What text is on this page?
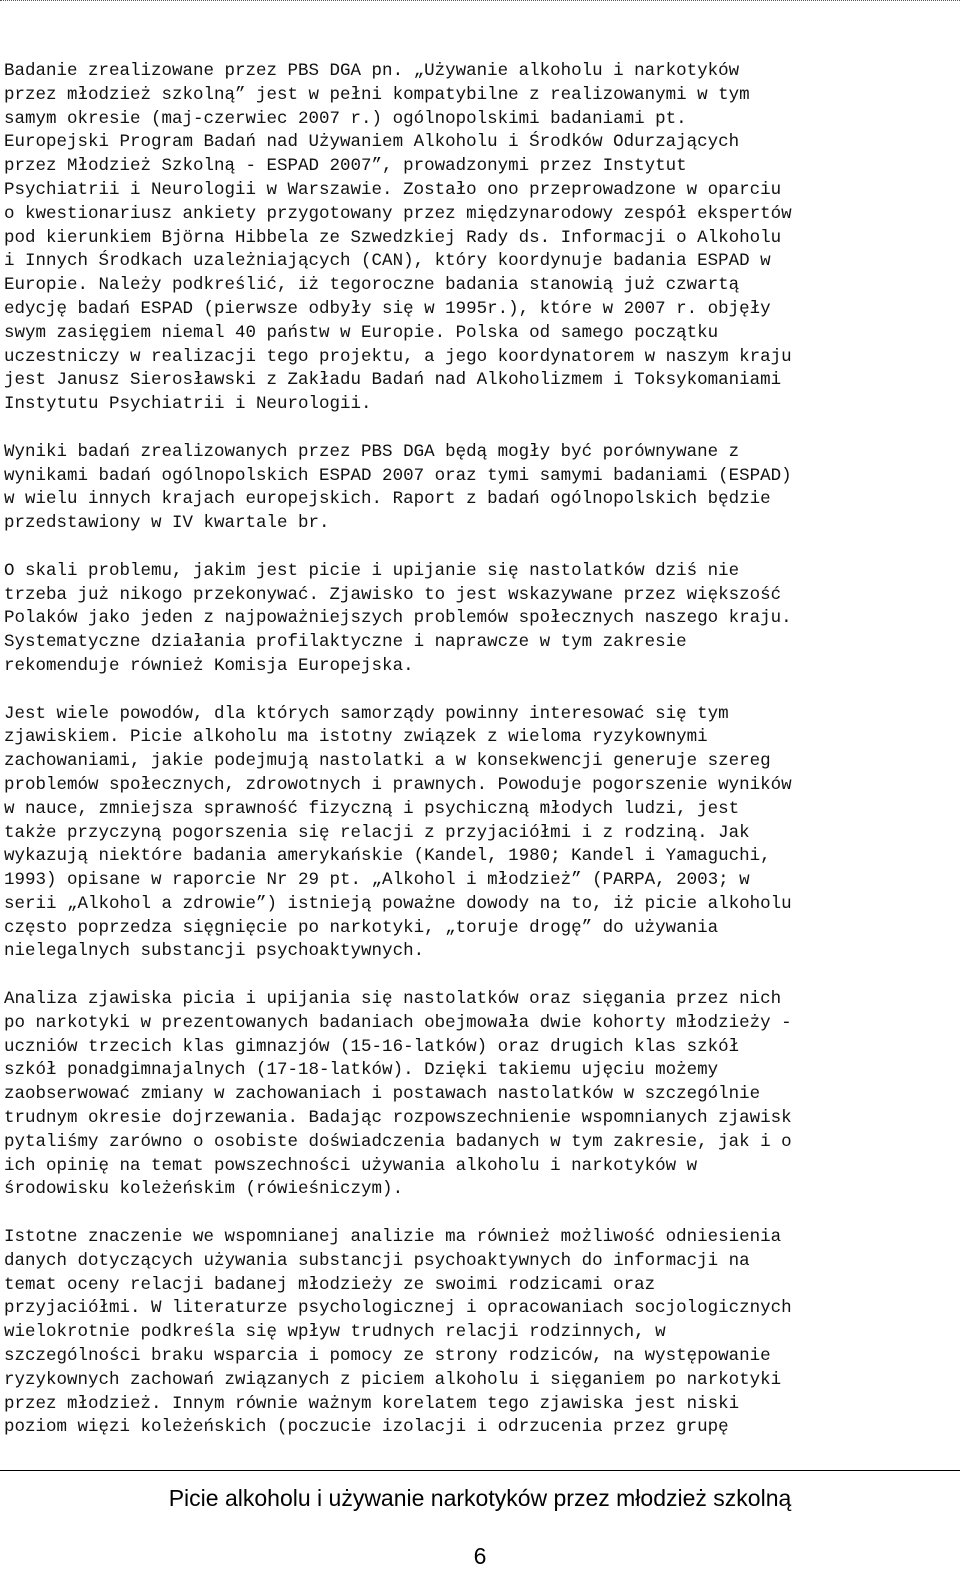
Badanie zrealizowane przez PBS DGA pn. „Używanie alkoholu i narkotyków
przez młodzież szkolną” jest w pełni kompatybilne z realizowanymi w tym
samym okresie (maj-czerwiec 2007 r.) ogólnopolskimi badaniami pt.
Europejski Program Badań nad Używaniem Alkoholu i Środków Odurzających
przez Młodzież Szkolną - ESPAD 2007”, prowadzonymi przez Instytut
Psychiatrii i Neurologii w Warszawie. Zostało ono przeprowadzone w oparciu
o kwestionariusz ankiety przygotowany przez międzynarodowy zespół ekspertów
pod kierunkiem Björna Hibbela ze Szwedzkiej Rady ds. Informacji o Alkoholu
i Innych Środkach uzależniających (CAN), który koordynuje badania ESPAD w
Europie. Należy podkreślić, iż tegoroczne badania stanowią już czwartą
edycję badań ESPAD (pierwsze odbyły się w 1995r.), które w 2007 r. objęły
swym zasięgiem niemal 40 państw w Europie. Polska od samego początku
uczestniczy w realizacji tego projektu, a jego koordynatorem w naszym kraju
jest Janusz Sierosławski z Zakładu Badań nad Alkoholizmem i Toksykomaniami
Instytutu Psychiatrii i Neurologii.

Wyniki badań zrealizowanych przez PBS DGA będą mogły być porównywane z
wynikami badań ogólnopolskich ESPAD 2007 oraz tymi samymi badaniami (ESPAD)
w wielu innych krajach europejskich. Raport z badań ogólnopolskich będzie
przedstawiony w IV kwartale br.

O skali problemu, jakim jest picie i upijanie się nastolatków dziś nie
trzeba już nikogo przekonywać. Zjawisko to jest wskazywane przez większość
Polaków jako jeden z najpoważniejszych problemów społecznych naszego kraju.
Systematyczne działania profilaktyczne i naprawcze w tym zakresie
rekomenduje również Komisja Europejska.

Jest wiele powodów, dla których samorządy powinny interesować się tym
zjawiskiem. Picie alkoholu ma istotny związek z wieloma ryzykownymi
zachowaniami, jakie podejmują nastolatki a w konsekwencji generuje szereg
problemów społecznych, zdrowotnych i prawnych. Powoduje pogorszenie wyników
w nauce, zmniejsza sprawność fizyczną i psychiczną młodych ludzi, jest
także przyczyną pogorszenia się relacji z przyjaciółmi i z rodziną. Jak
wykazują niektóre badania amerykańskie (Kandel, 1980; Kandel i Yamaguchi,
1993) opisane w raporcie Nr 29 pt. „Alkohol i młodzież” (PARPA, 2003; w
serii „Alkohol a zdrowie”) istnieją poważne dowody na to, iż picie alkoholu
często poprzedza sięgnięcie po narkotyki, „toruje drogę” do używania
nielegalnych substancji psychoaktywnych.

Analiza zjawiska picia i upijania się nastolatków oraz sięgania przez nich
po narkotyki w prezentowanych badaniach obejmowała dwie kohorty młodzieży -
uczniów trzecich klas gimnazjów (15-16-latków) oraz drugich klas szkół
szkół ponadgimnajalnych (17-18-latków). Dzięki takiemu ujęciu możemy
zaobserwować zmiany w zachowaniach i postawach nastolatków w szczególnie
trudnym okresie dojrzewania. Badając rozpowszechnienie wspomnianych zjawisk
pytaliśmy zarówno o osobiste doświadczenia badanych w tym zakresie, jak i o
ich opinię na temat powszechności używania alkoholu i narkotyków w
środowisku koleżeńskim (rówieśniczym).

Istotne znaczenie we wspomnianej analizie ma również możliwość odniesienia
danych dotyczących używania substancji psychoaktywnych do informacji na
temat oceny relacji badanej młodzieży ze swoimi rodzicami oraz
przyjaciółmi. W literaturze psychologicznej i opracowaniach socjologicznych
wielokrotnie podkreśla się wpływ trudnych relacji rodzinnych, w
szczególności braku wsparcia i pomocy ze strony rodziców, na występowanie
ryzykownych zachowań związanych z piciem alkoholu i sięganiem po narkotyki
przez młodzież. Innym równie ważnym korelatem tego zjawiska jest niski
poziom więzi koleżeńskich (poczucie izolacji i odrzucenia przez grupę

Picie alkoholu i używanie narkotyków przez młodzież szkolną
6
